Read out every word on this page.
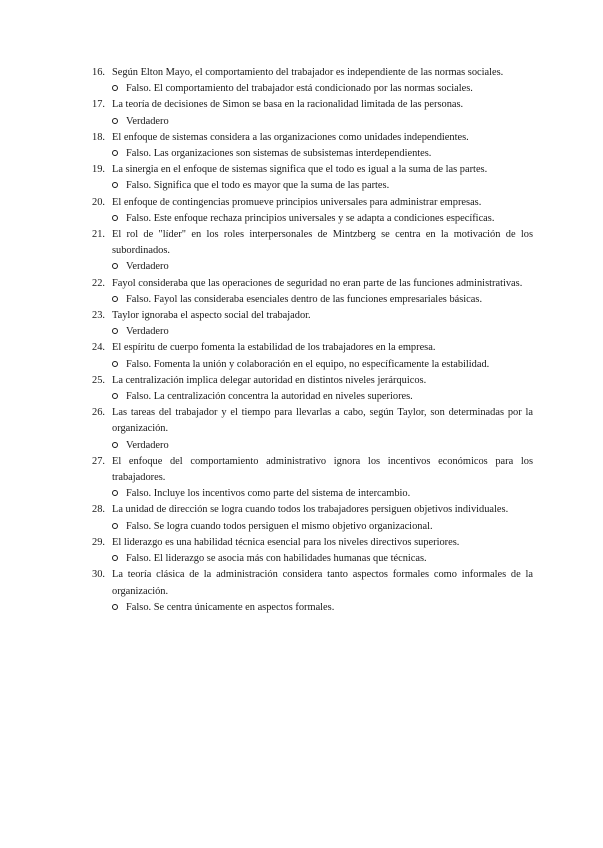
16. Según Elton Mayo, el comportamiento del trabajador es independiente de las normas sociales.
Falso. El comportamiento del trabajador está condicionado por las normas sociales.
17. La teoría de decisiones de Simon se basa en la racionalidad limitada de las personas.
Verdadero
18. El enfoque de sistemas considera a las organizaciones como unidades independientes.
Falso. Las organizaciones son sistemas de subsistemas interdependientes.
19. La sinergia en el enfoque de sistemas significa que el todo es igual a la suma de las partes.
Falso. Significa que el todo es mayor que la suma de las partes.
20. El enfoque de contingencias promueve principios universales para administrar empresas.
Falso. Este enfoque rechaza principios universales y se adapta a condiciones específicas.
21. El rol de "líder" en los roles interpersonales de Mintzberg se centra en la motivación de los subordinados.
Verdadero
22. Fayol consideraba que las operaciones de seguridad no eran parte de las funciones administrativas.
Falso. Fayol las consideraba esenciales dentro de las funciones empresariales básicas.
23. Taylor ignoraba el aspecto social del trabajador.
Verdadero
24. El espíritu de cuerpo fomenta la estabilidad de los trabajadores en la empresa.
Falso. Fomenta la unión y colaboración en el equipo, no específicamente la estabilidad.
25. La centralización implica delegar autoridad en distintos niveles jerárquicos.
Falso. La centralización concentra la autoridad en niveles superiores.
26. Las tareas del trabajador y el tiempo para llevarlas a cabo, según Taylor, son determinadas por la organización.
Verdadero
27. El enfoque del comportamiento administrativo ignora los incentivos económicos para los trabajadores.
Falso. Incluye los incentivos como parte del sistema de intercambio.
28. La unidad de dirección se logra cuando todos los trabajadores persiguen objetivos individuales.
Falso. Se logra cuando todos persiguen el mismo objetivo organizacional.
29. El liderazgo es una habilidad técnica esencial para los niveles directivos superiores.
Falso. El liderazgo se asocia más con habilidades humanas que técnicas.
30. La teoría clásica de la administración considera tanto aspectos formales como informales de la organización.
Falso. Se centra únicamente en aspectos formales.
